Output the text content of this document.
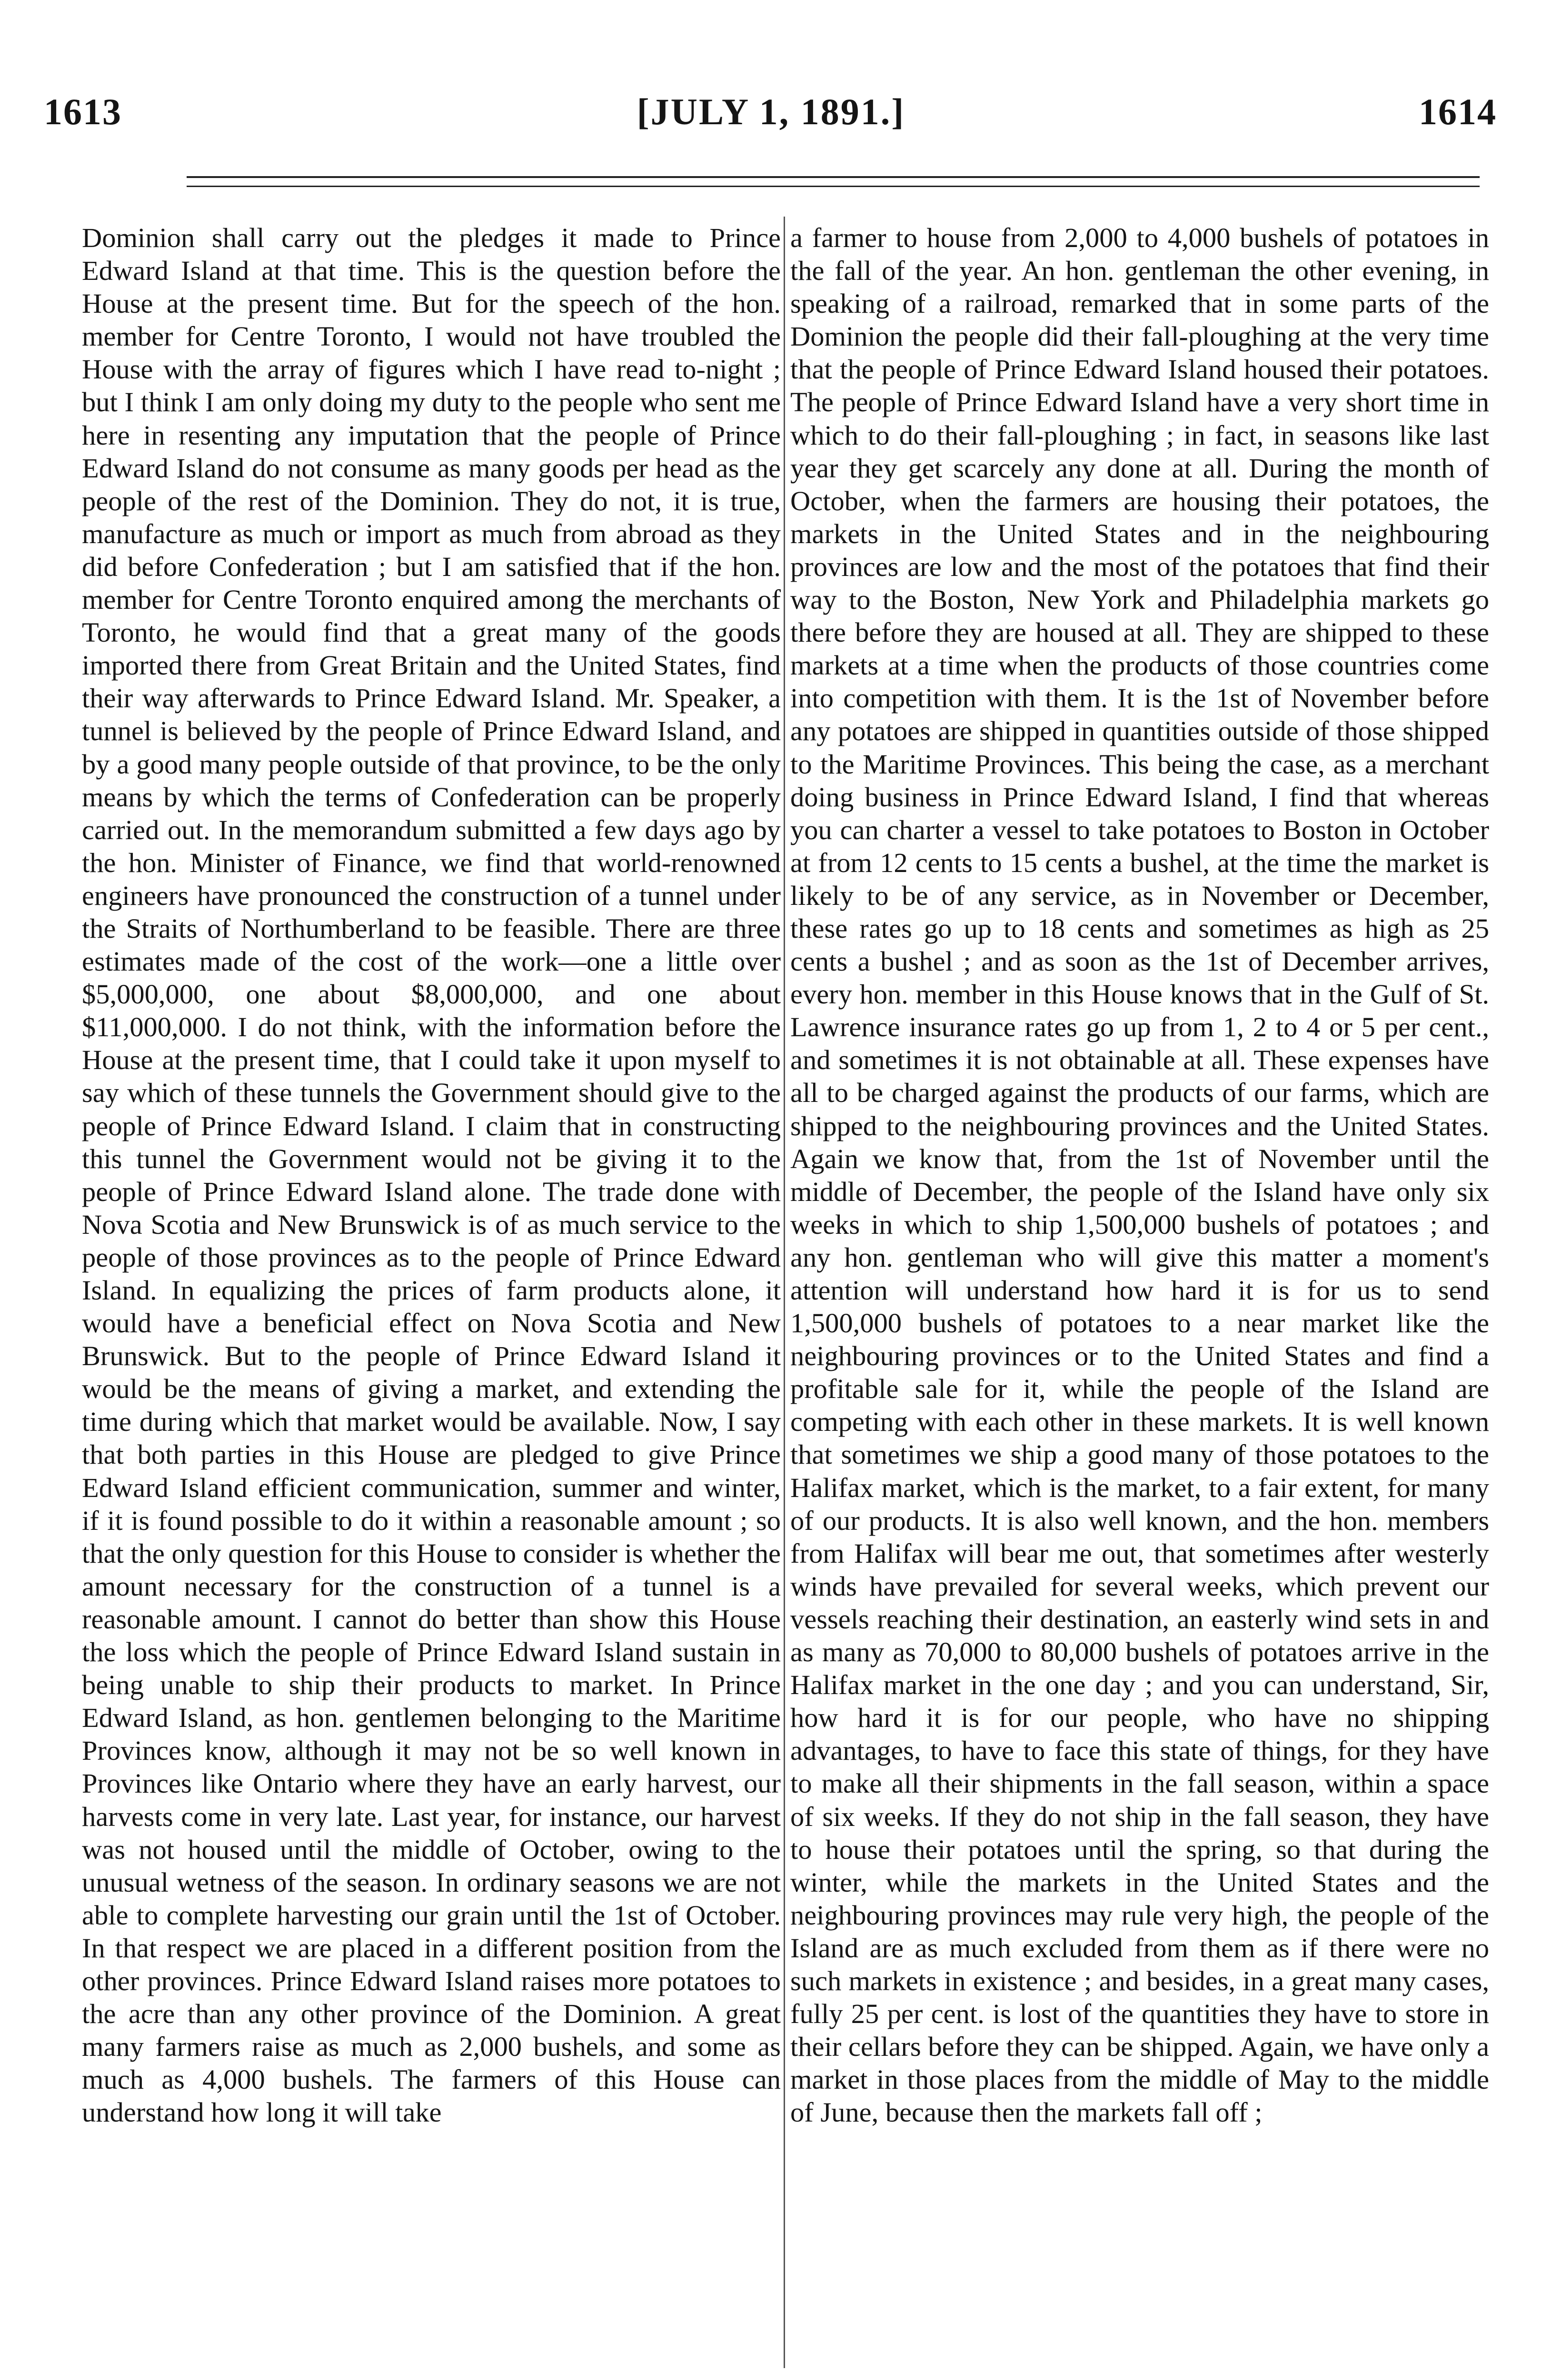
1613	[JULY 1, 1891.]	1614

Dominion shall carry out the pledges it made to Prince Edward Island at that time. This is the question before the House at the present time. But for the speech of the hon. member for Centre Toronto, I would not have troubled the House with the array of figures which I have read to-night ; but I think I am only doing my duty to the people who sent me here in resenting any imputation that the people of Prince Edward Island do not consume as many goods per head as the people of the rest of the Dominion. They do not, it is true, manufacture as much or import as much from abroad as they did before Confederation ; but I am satisfied that if the hon. member for Centre Toronto enquired among the merchants of Toronto, he would find that a great many of the goods imported there from Great Britain and the United States, find their way afterwards to Prince Edward Island. Mr. Speaker, a tunnel is believed by the people of Prince Edward Island, and by a good many people outside of that province, to be the only means by which the terms of Confederation can be properly carried out. In the memorandum submitted a few days ago by the hon. Minister of Finance, we find that world-renowned engineers have pronounced the construction of a tunnel under the Straits of Northumberland to be feasible. There are three estimates made of the cost of the work—one a little over $5,000,000, one about $8,000,000, and one about $11,000,000. I do not think, with the information before the House at the present time, that I could take it upon myself to say which of these tunnels the Government should give to the people of Prince Edward Island. I claim that in constructing this tunnel the Government would not be giving it to the people of Prince Edward Island alone. The trade done with Nova Scotia and New Brunswick is of as much service to the people of those provinces as to the people of Prince Edward Island. In equalizing the prices of farm products alone, it would have a beneficial effect on Nova Scotia and New Brunswick. But to the people of Prince Edward Island it would be the means of giving a market, and extending the time during which that market would be available. Now, I say that both parties in this House are pledged to give Prince Edward Island efficient communication, summer and winter, if it is found possible to do it within a reasonable amount ; so that the only question for this House to consider is whether the amount necessary for the construction of a tunnel is a reasonable amount. I cannot do better than show this House the loss which the people of Prince Edward Island sustain in being unable to ship their products to market. In Prince Edward Island, as hon. gentlemen belonging to the Maritime Provinces know, although it may not be so well known in Provinces like Ontario where they have an early harvest, our harvests come in very late. Last year, for instance, our harvest was not housed until the middle of October, owing to the unusual wetness of the season. In ordinary seasons we are not able to complete harvesting our grain until the 1st of October. In that respect we are placed in a different position from the other provinces. Prince Edward Island raises more potatoes to the acre than any other province of the Dominion. A great many farmers raise as much as 2,000 bushels, and some as much as 4,000 bushels. The farmers of this House can understand how long it will take

a farmer to house from 2,000 to 4,000 bushels of potatoes in the fall of the year. An hon. gentleman the other evening, in speaking of a railroad, remarked that in some parts of the Dominion the people did their fall-ploughing at the very time that the people of Prince Edward Island housed their potatoes. The people of Prince Edward Island have a very short time in which to do their fall-ploughing ; in fact, in seasons like last year they get scarcely any done at all. During the month of October, when the farmers are housing their potatoes, the markets in the United States and in the neighbouring provinces are low and the most of the potatoes that find their way to the Boston, New York and Philadelphia markets go there before they are housed at all. They are shipped to these markets at a time when the products of those countries come into competition with them. It is the 1st of November before any potatoes are shipped in quantities outside of those shipped to the Maritime Provinces. This being the case, as a merchant doing business in Prince Edward Island, I find that whereas you can charter a vessel to take potatoes to Boston in October at from 12 cents to 15 cents a bushel, at the time the market is likely to be of any service, as in November or December, these rates go up to 18 cents and sometimes as high as 25 cents a bushel ; and as soon as the 1st of December arrives, every hon. member in this House knows that in the Gulf of St. Lawrence insurance rates go up from 1, 2 to 4 or 5 per cent., and sometimes it is not obtainable at all. These expenses have all to be charged against the products of our farms, which are shipped to the neighbouring provinces and the United States. Again we know that, from the 1st of November until the middle of December, the people of the Island have only six weeks in which to ship 1,500,000 bushels of potatoes ; and any hon. gentleman who will give this matter a moment's attention will understand how hard it is for us to send 1,500,000 bushels of potatoes to a near market like the neighbouring provinces or to the United States and find a profitable sale for it, while the people of the Island are competing with each other in these markets. It is well known that sometimes we ship a good many of those potatoes to the Halifax market, which is the market, to a fair extent, for many of our products. It is also well known, and the hon. members from Halifax will bear me out, that sometimes after westerly winds have prevailed for several weeks, which prevent our vessels reaching their destination, an easterly wind sets in and as many as 70,000 to 80,000 bushels of potatoes arrive in the Halifax market in the one day ; and you can understand, Sir, how hard it is for our people, who have no shipping advantages, to have to face this state of things, for they have to make all their shipments in the fall season, within a space of six weeks. If they do not ship in the fall season, they have to house their potatoes until the spring, so that during the winter, while the markets in the United States and the neighbouring provinces may rule very high, the people of the Island are as much excluded from them as if there were no such markets in existence ; and besides, in a great many cases, fully 25 per cent. is lost of the quantities they have to store in their cellars before they can be shipped. Again, we have only a market in those places from the middle of May to the middle of June, because then the markets fall off ;
